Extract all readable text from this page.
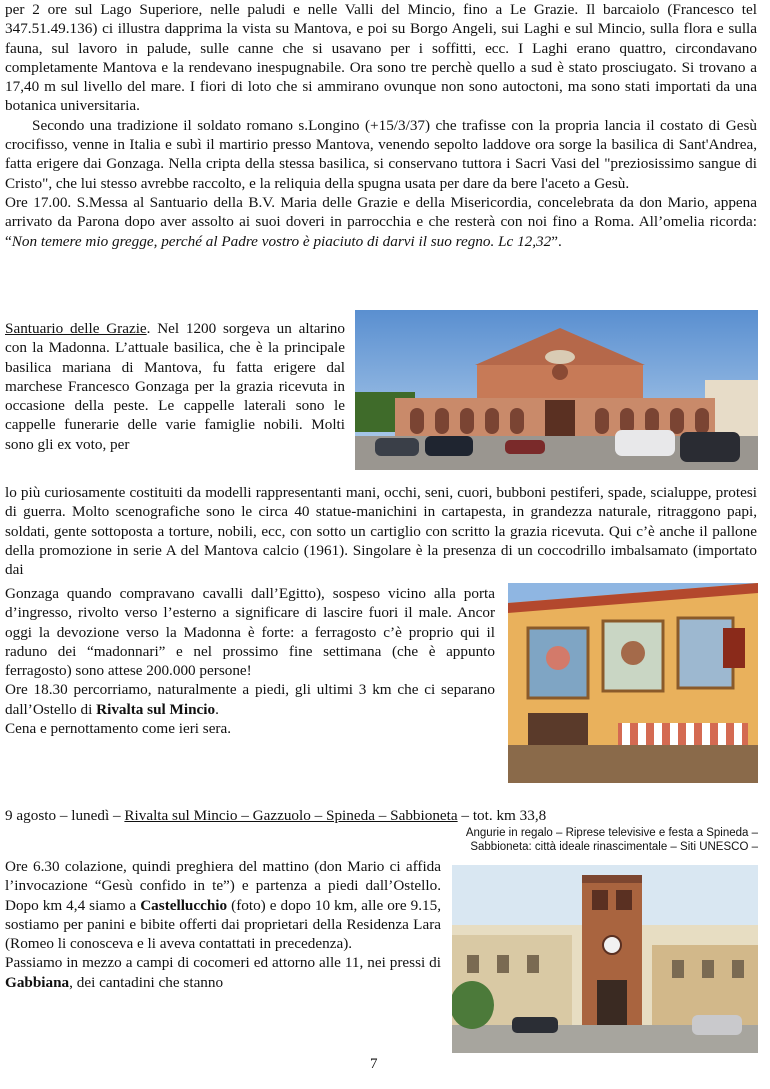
per 2 ore sul Lago Superiore, nelle paludi e nelle Valli del Mincio, fino a Le Grazie. Il barcaiolo (Francesco tel 347.51.49.136) ci illustra dapprima la vista su Mantova, e poi su Borgo Angeli, sui Laghi e sul Mincio, sulla flora e sulla fauna, sul lavoro in palude, sulle canne che si usavano per i soffitti, ecc. I Laghi erano quattro, circondavano completamente Mantova e la rendevano inespugnabile. Ora sono tre perchè quello a sud è stato prosciugato. Si trovano a 17,40 m sul livello del mare. I fiori di loto che si ammirano ovunque non sono autoctoni, ma sono stati importati da una botanica universitaria.

Secondo una tradizione il soldato romano s.Longino (+15/3/37) che trafisse con la propria lancia il costato di Gesù crocifisso, venne in Italia e subì il martirio presso Mantova, venendo sepolto laddove ora sorge la basilica di Sant'Andrea, fatta erigere dai Gonzaga. Nella cripta della stessa basilica, si conservano tuttora i Sacri Vasi del "preziosissimo sangue di Cristo", che lui stesso avrebbe raccolto, e la reliquia della spugna usata per dare da bere l'aceto a Gesù.

Ore 17.00. S.Messa al Santuario della B.V. Maria delle Grazie e della Misericordia, concelebrata da don Mario, appena arrivato da Parona dopo aver assolto ai suoi doveri in parrocchia e che resterà con noi fino a Roma. All’omelia ricorda: “Non temere mio gregge, perché al Padre vostro è piaciuto di darvi il suo regno. Lc 12,32”.

Santuario delle Grazie. Nel 1200 sorgeva un altarino con la Madonna. L’attuale basilica, che è la principale basilica mariana di Mantova, fu fatta erigere dal marchese Francesco Gonzaga per la grazia ricevuta in occasione della peste. Le cappelle laterali sono le cappelle funerarie delle varie famiglie nobili. Molti sono gli ex voto, per

lo più curiosamente costituiti da modelli rappresentanti mani, occhi, seni, cuori, bubboni pestiferi, spade, scialuppe, protesi di guerra. Molto scenografiche sono le circa 40 statue-manichini in cartapesta, in grandezza naturale, ritraggono papi, soldati, gente sottoposta a torture, nobili, ecc, con sotto un cartiglio con scritto la grazia ricevuta. Qui c’è anche il pallone della promozione in serie A del Mantova calcio (1961). Singolare è la presenza di un coccodrillo imbalsamato (importato dai

Gonzaga quando compravano cavalli dall’Egitto), sospeso vicino alla porta d’ingresso, rivolto verso l’esterno a significare di lascire fuori il male. Ancor oggi la devozione verso la Madonna è forte: a ferragosto c’è proprio qui il raduno dei “madonnari” e nel prossimo fine settimana (che è appunto ferragosto) sono attese 200.000 persone!

Ore 18.30 percorriamo, naturalmente a piedi, gli ultimi 3 km che ci separano dall’Ostello di Rivalta sul Mincio.

Cena e pernottamento come ieri sera.

9 agosto – lunedì – Rivalta sul Mincio – Gazzuolo – Spineda – Sabbioneta – tot. km 33,8

Angurie in regalo – Riprese televisive e festa a Spineda –
Sabbioneta: città ideale rinascimentale – Siti UNESCO –

Ore 6.30 colazione, quindi preghiera del mattino (don Mario ci affida l’invocazione “Gesù confido in te”) e partenza a piedi dall’Ostello. Dopo km 4,4 siamo a Castellucchio (foto) e dopo 10 km, alle ore 9.15, sostiamo per panini e bibite offerti dai proprietari della Residenza Lara (Romeo li conosceva e li aveva contattati in precedenza).

Passiamo in mezzo a campi di cocomeri ed attorno alle 11, nei pressi di Gabbiana, dei cantadini che stanno

7
